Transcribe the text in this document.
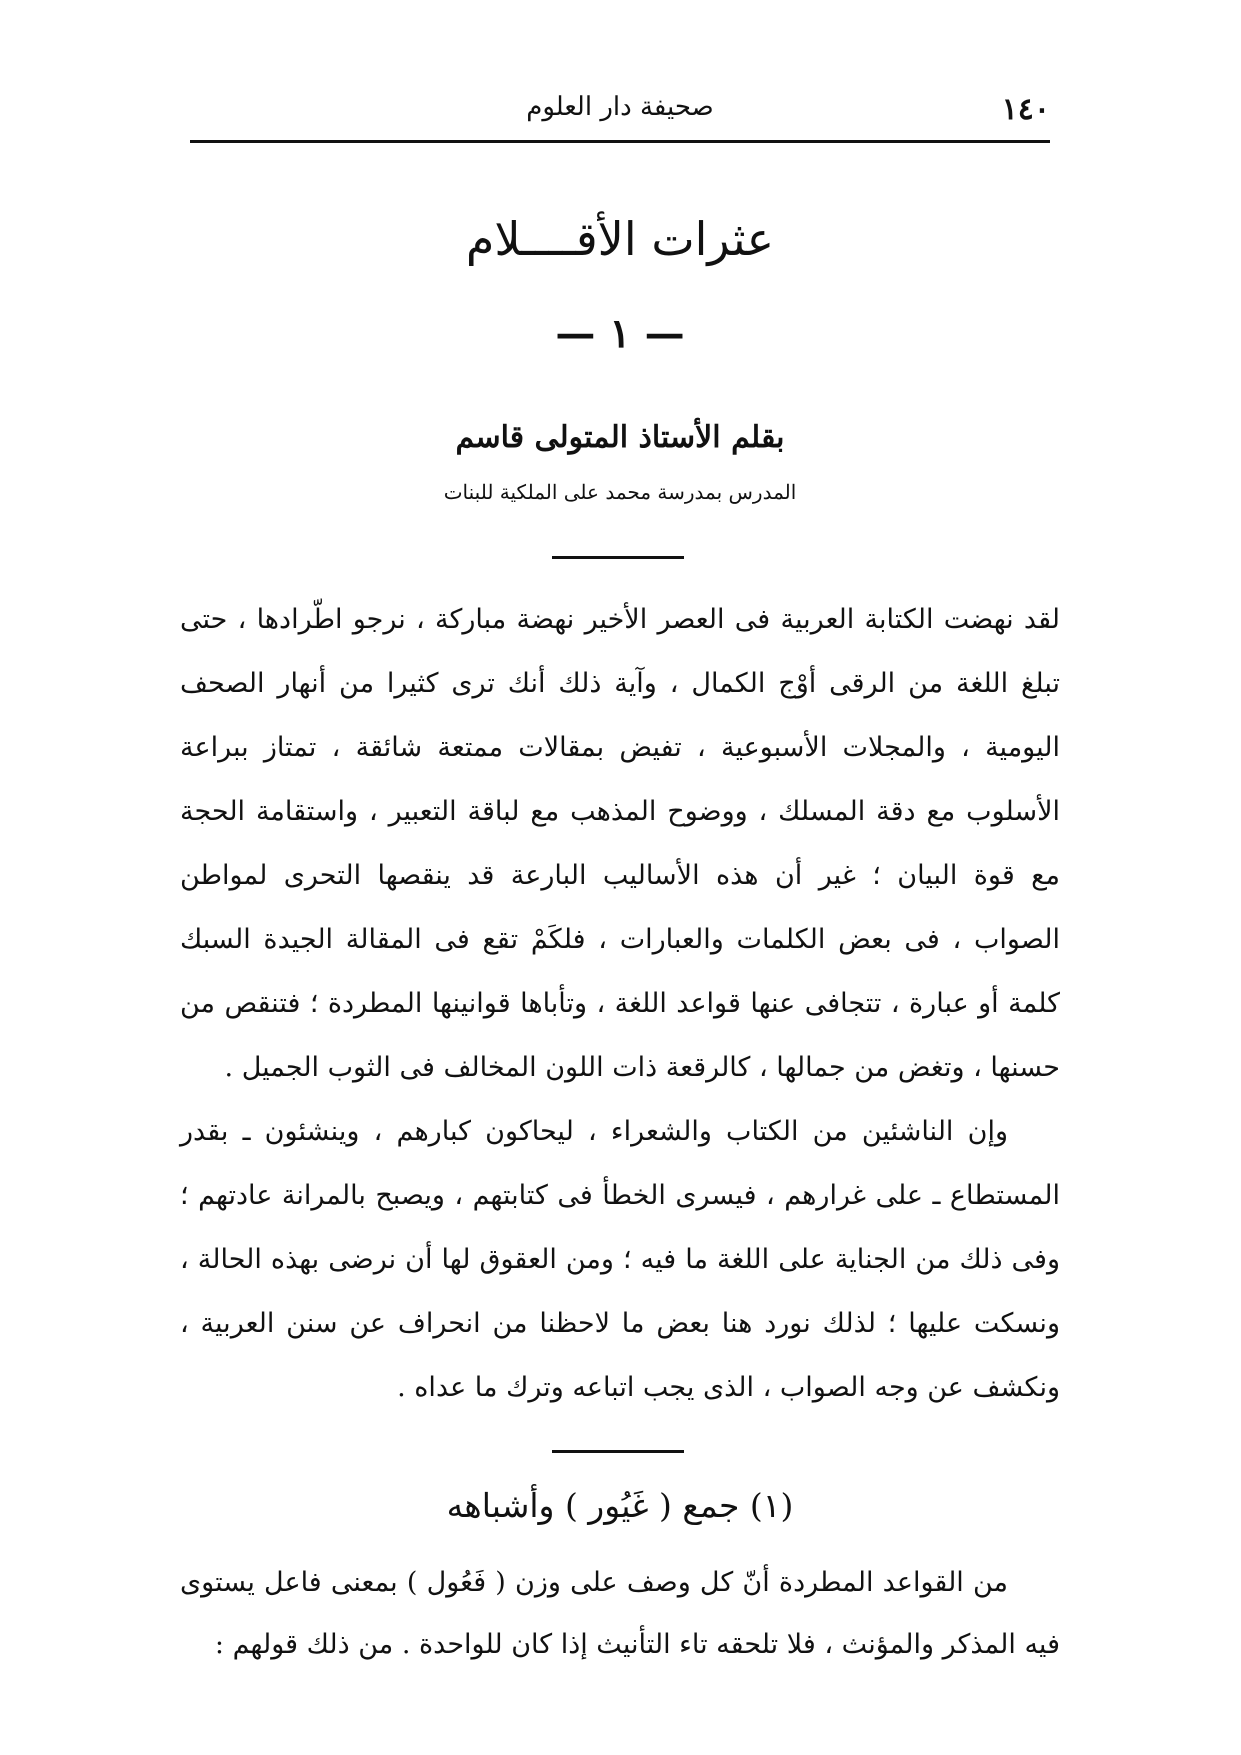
١٤٠
صحيفة دار العلوم
عثرات الأقــــلام
— ١ —
بقلم الأستاذ المتولى قاسم
المدرس بمدرسة محمد على الملكية للبنات

لقد نهضت الكتابة العربية فى العصر الأخير نهضة مباركة ، نرجو اطّرادها ، حتى تبلغ اللغة من الرقى أوْج الكمال ، وآية ذلك أنك ترى كثيرا من أنهار الصحف اليومية ، والمجلات الأسبوعية ، تفيض بمقالات ممتعة شائقة ، تمتاز ببراعة الأسلوب مع دقة المسلك ، ووضوح المذهب مع لباقة التعبير ، واستقامة الحجة مع قوة البيان ؛ غير أن هذه الأساليب البارعة قد ينقصها التحرى لمواطن الصواب ، فى بعض الكلمات والعبارات ، فلكَمْ تقع فى المقالة الجيدة السبك كلمة أو عبارة ، تتجافى عنها قواعد اللغة ، وتأباها قوانينها المطردة ؛ فتنقص من حسنها ، وتغض من جمالها ، كالرقعة ذات اللون المخالف فى الثوب الجميل .

وإن الناشئين من الكتاب والشعراء ، ليحاكون كبارهم ، وينشئون ـ بقدر المستطاع ـ على غرارهم ، فيسرى الخطأ فى كتابتهم ، ويصبح بالمرانة عادتهم ؛ وفى ذلك من الجناية على اللغة ما فيه ؛ ومن العقوق لها أن نرضى بهذه الحالة ، ونسكت عليها ؛ لذلك نورد هنا بعض ما لاحظنا من انحراف عن سنن العربية ، ونكشف عن وجه الصواب ، الذى يجب اتباعه وترك ما عداه .

(١) جمع ( غَيُور ) وأشباهه

من القواعد المطردة أنّ كل وصف على وزن ( فَعُول ) بمعنى فاعل يستوى فيه المذكر والمؤنث ، فلا تلحقه تاء التأنيث إذا كان للواحدة . من ذلك قولهم :
